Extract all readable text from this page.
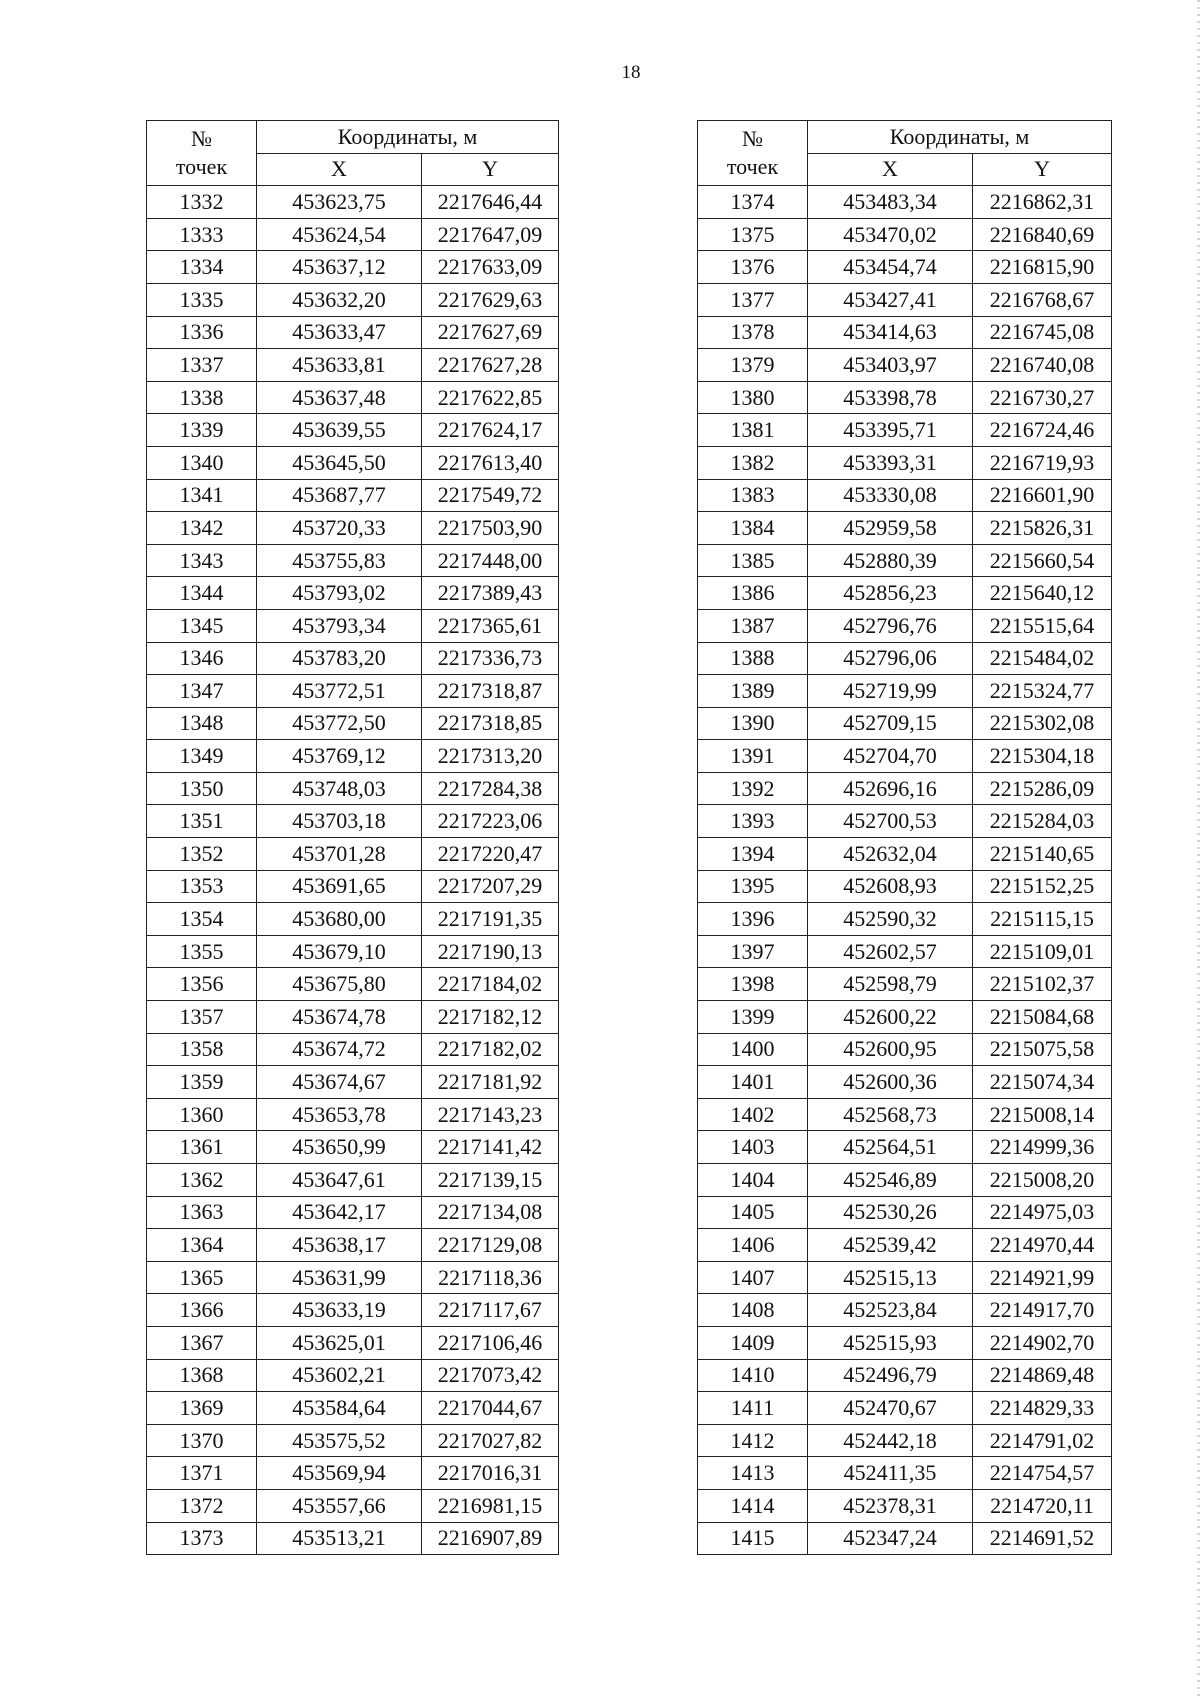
18
№
точек	Координаты, м	
	X	Y
1332	453623,75	2217646,44
1333	453624,54	2217647,09
1334	453637,12	2217633,09
1335	453632,20	2217629,63
1336	453633,47	2217627,69
1337	453633,81	2217627,28
1338	453637,48	2217622,85
1339	453639,55	2217624,17
1340	453645,50	2217613,40
1341	453687,77	2217549,72
1342	453720,33	2217503,90
1343	453755,83	2217448,00
1344	453793,02	2217389,43
1345	453793,34	2217365,61
1346	453783,20	2217336,73
1347	453772,51	2217318,87
1348	453772,50	2217318,85
1349	453769,12	2217313,20
1350	453748,03	2217284,38
1351	453703,18	2217223,06
1352	453701,28	2217220,47
1353	453691,65	2217207,29
1354	453680,00	2217191,35
1355	453679,10	2217190,13
1356	453675,80	2217184,02
1357	453674,78	2217182,12
1358	453674,72	2217182,02
1359	453674,67	2217181,92
1360	453653,78	2217143,23
1361	453650,99	2217141,42
1362	453647,61	2217139,15
1363	453642,17	2217134,08
1364	453638,17	2217129,08
1365	453631,99	2217118,36
1366	453633,19	2217117,67
1367	453625,01	2217106,46
1368	453602,21	2217073,42
1369	453584,64	2217044,67
1370	453575,52	2217027,82
1371	453569,94	2217016,31
1372	453557,66	2216981,15
1373	453513,21	2216907,89
№
точек	Координаты, м	
	X	Y
1374	453483,34	2216862,31
1375	453470,02	2216840,69
1376	453454,74	2216815,90
1377	453427,41	2216768,67
1378	453414,63	2216745,08
1379	453403,97	2216740,08
1380	453398,78	2216730,27
1381	453395,71	2216724,46
1382	453393,31	2216719,93
1383	453330,08	2216601,90
1384	452959,58	2215826,31
1385	452880,39	2215660,54
1386	452856,23	2215640,12
1387	452796,76	2215515,64
1388	452796,06	2215484,02
1389	452719,99	2215324,77
1390	452709,15	2215302,08
1391	452704,70	2215304,18
1392	452696,16	2215286,09
1393	452700,53	2215284,03
1394	452632,04	2215140,65
1395	452608,93	2215152,25
1396	452590,32	2215115,15
1397	452602,57	2215109,01
1398	452598,79	2215102,37
1399	452600,22	2215084,68
1400	452600,95	2215075,58
1401	452600,36	2215074,34
1402	452568,73	2215008,14
1403	452564,51	2214999,36
1404	452546,89	2215008,20
1405	452530,26	2214975,03
1406	452539,42	2214970,44
1407	452515,13	2214921,99
1408	452523,84	2214917,70
1409	452515,93	2214902,70
1410	452496,79	2214869,48
1411	452470,67	2214829,33
1412	452442,18	2214791,02
1413	452411,35	2214754,57
1414	452378,31	2214720,11
1415	452347,24	2214691,52
